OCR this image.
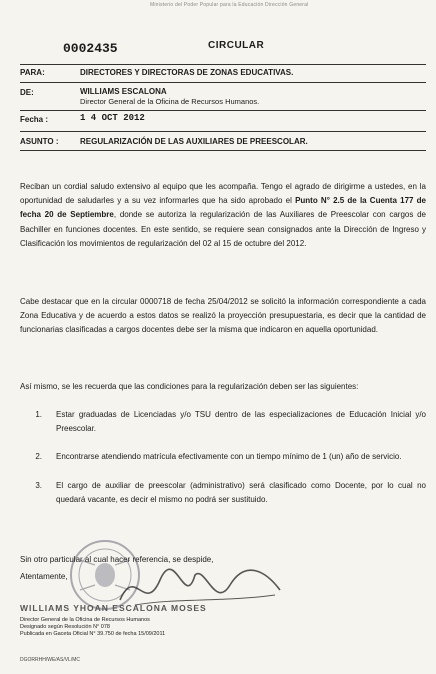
Ministerio del Poder Popular para la Educación Dirección General
0002435	CIRCULAR
PARA:	DIRECTORES Y DIRECTORAS DE ZONAS EDUCATIVAS.
DE:	WILLIAMS ESCALONA
Director General de la Oficina de Recursos Humanos.
Fecha :	1 4 OCT 2012
ASUNTO :	REGULARIZACIÓN DE LAS AUXILIARES DE PREESCOLAR.
Reciban un cordial saludo extensivo al equipo que les acompaña. Tengo el agrado de dirigirme a ustedes, en la oportunidad de saludarles y a su vez informarles que ha sido aprobado el Punto N° 2.5 de la Cuenta 177 de fecha 20 de Septiembre, donde se autoriza la regularización de las Auxiliares de Preescolar con cargos de Bachiller en funciones docentes. En este sentido, se requiere sean consignados ante la Dirección de Ingreso y Clasificación los movimientos de regularización del 02 al 15 de octubre del 2012.
Cabe destacar que en la circular 0000718 de fecha 25/04/2012 se solicitó la información correspondiente a cada Zona Educativa y de acuerdo a estos datos se realizó la proyección presupuestaria, es decir que la cantidad de funcionarias clasificadas a cargos docentes debe ser la misma que indicaron en aquella oportunidad.
Así mismo, se les recuerda que las condiciones para la regularización deben ser las siguientes:
1.	Estar graduadas de Licenciadas y/o TSU dentro de las especializaciones de Educación Inicial y/o Preescolar.
2.	Encontrarse atendiendo matrícula efectivamente con un tiempo mínimo de 1 (un) año de servicio.
3.	El cargo de auxiliar de preescolar (administrativo) será clasificado como Docente, por lo cual no quedará vacante, es decir el mismo no podrá ser sustituido.
Sin otro particular al cual hacer referencia, se despide,
Atentamente,
WILLIAMS YHOAN ESCALONA MOSES
Director General de la Oficina de Recursos Humanos
Designado según Resolución N° 078
Publicada en Gaceta Oficial N° 39.750 de fecha 15/09/2011
DGORRHH/WE/AS/VL/MC
